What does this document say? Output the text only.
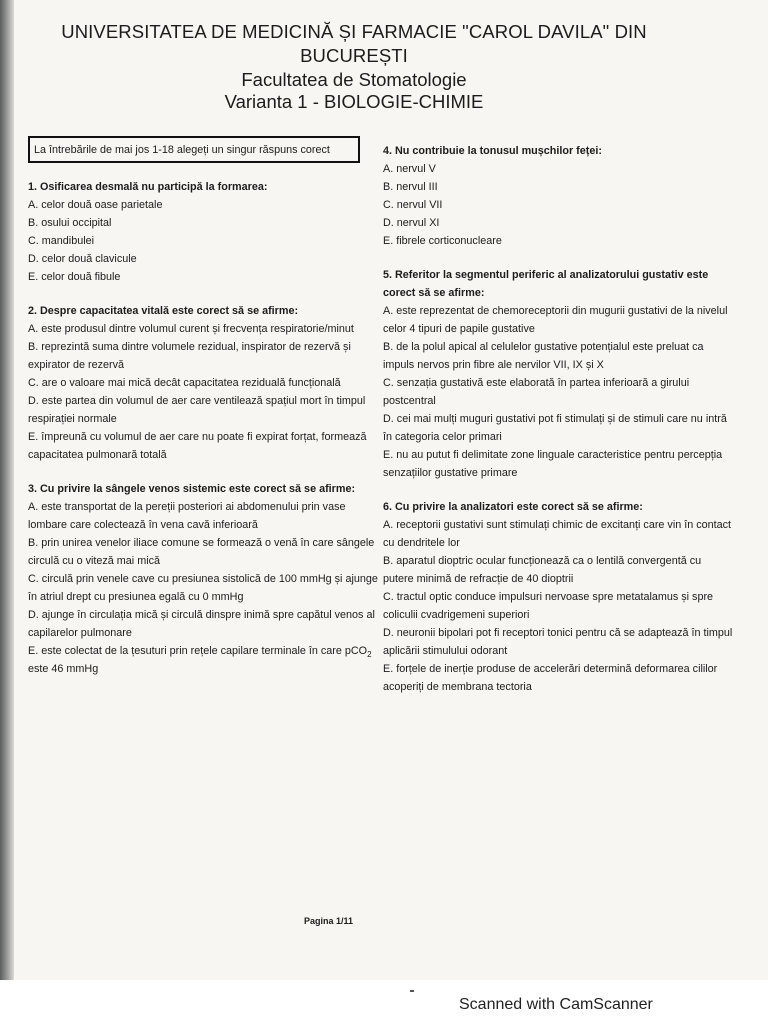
UNIVERSITATEA DE MEDICINĂ ȘI FARMACIE "CAROL DAVILA" DIN BUCUREȘTI
Facultatea de Stomatologie
Varianta 1 - BIOLOGIE-CHIMIE
La întrebările de mai jos 1-18 alegeți un singur răspuns corect
1. Osificarea desmală nu participă la formarea:
A. celor două oase parietale
B. osului occipital
C. mandibulei
D. celor două clavicule
E. celor două fibule
2. Despre capacitatea vitală este corect să se afirme:
A. este produsul dintre volumul curent și frecvența respiratorie/minut
B. reprezintă suma dintre volumele rezidual, inspirator de rezervă și expirator de rezervă
C. are o valoare mai mică decât capacitatea reziduală funcțională
D. este partea din volumul de aer care ventilează spațiul mort în timpul respirației normale
E. împreună cu volumul de aer care nu poate fi expirat forțat, formează capacitatea pulmonară totală
3. Cu privire la sângele venos sistemic este corect să se afirme:
A. este transportat de la pereții posteriori ai abdomenului prin vase lombare care colectează în vena cavă inferioară
B. prin unirea venelor iliace comune se formează o venă în care sângele circulă cu o viteză mai mică
C. circulă prin venele cave cu presiunea sistolică de 100 mmHg și ajunge în atriul drept cu presiunea egală cu 0 mmHg
D. ajunge în circulația mică și circulă dinspre inimă spre capătul venos al capilarelor pulmonare
E. este colectat de la țesuturi prin rețele capilare terminale în care pCO$_2$ este 46 mmHg
4. Nu contribuie la tonusul mușchilor feței:
A. nervul V
B. nervul III
C. nervul VII
D. nervul XI
E. fibrele corticonucleare
5. Referitor la segmentul periferic al analizatorului gustativ este corect să se afirme:
A. este reprezentat de chemoreceptorii din mugurii gustativi de la nivelul celor 4 tipuri de papile gustative
B. de la polul apical al celulelor gustative potențialul este preluat ca impuls nervos prin fibre ale nervilor VII, IX și X
C. senzația gustativă este elaborată în partea inferioară a girului postcentral
D. cei mai mulți muguri gustativi pot fi stimulați și de stimuli care nu intră în categoria celor primari
E. nu au putut fi delimitate zone linguale caracteristice pentru percepția senzațiilor gustative primare
6. Cu privire la analizatori este corect să se afirme:
A. receptorii gustativi sunt stimulați chimic de excitanți care vin în contact cu dendritele lor
B. aparatul dioptric ocular funcționează ca o lentilă convergentă cu putere minimă de refracție de 40 dioptrii
C. tractul optic conduce impulsuri nervoase spre metatalamus și spre coliculii cvadrigemeni superiori
D. neuronii bipolari pot fi receptori tonici pentru că se adaptează în timpul aplicării stimulului odorant
E. forțele de inerție produse de accelerări determină deformarea cililor acoperiți de membrana tectoria
Pagina 1/11
Scanned with CamScanner
